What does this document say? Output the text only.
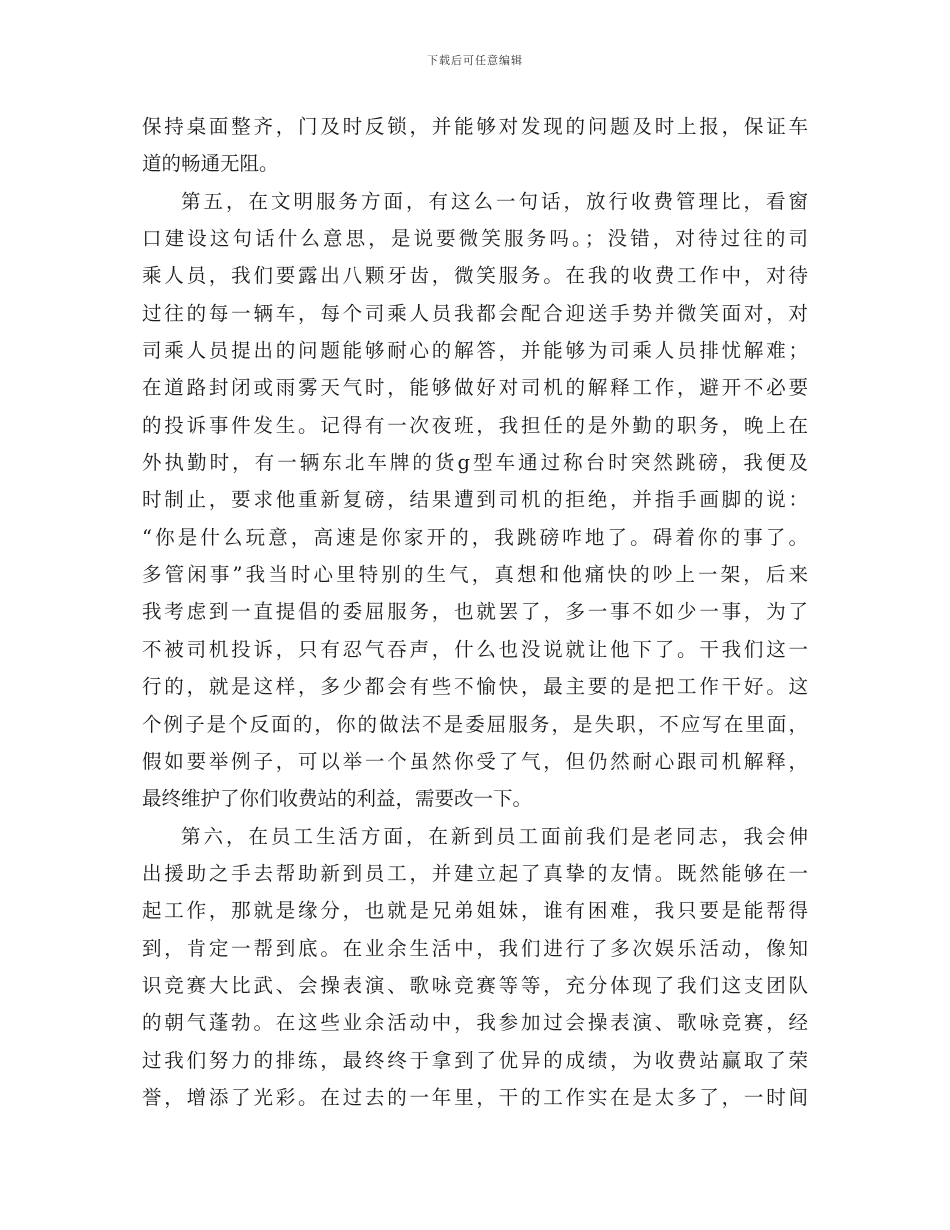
下载后可任意编辑
保持桌面整齐，门及时反锁，并能够对发现的问题及时上报，保证车
道的畅通无阻。
第五，在文明服务方面，有这么一句话，放行收费管理比，看窗
口建设这句话什么意思，是说要微笑服务吗。；没错，对待过往的司
乘人员，我们要露出八颗牙齿，微笑服务。在我的收费工作中，对待
过往的每一辆车，每个司乘人员我都会配合迎送手势并微笑面对，对
司乘人员提出的问题能够耐心的解答，并能够为司乘人员排忧解难；
在道路封闭或雨雾天气时，能够做好对司机的解释工作，避开不必要
的投诉事件发生。记得有一次夜班，我担任的是外勤的职务，晚上在
外执勤时，有一辆东北车牌的货g型车通过称台时突然跳磅，我便及
时制止，要求他重新复磅，结果遭到司机的拒绝，并指手画脚的说：
“你是什么玩意，高速是你家开的，我跳磅咋地了。碍着你的事了。
多管闲事”我当时心里特别的生气，真想和他痛快的吵上一架，后来
我考虑到一直提倡的委屈服务，也就罢了，多一事不如少一事，为了
不被司机投诉，只有忍气吞声，什么也没说就让他下了。干我们这一
行的，就是这样，多少都会有些不愉快，最主要的是把工作干好。这
个例子是个反面的，你的做法不是委屈服务，是失职，不应写在里面，
假如要举例子，可以举一个虽然你受了气，但仍然耐心跟司机解释，
最终维护了你们收费站的利益，需要改一下。
第六，在员工生活方面，在新到员工面前我们是老同志，我会伸
出援助之手去帮助新到员工，并建立起了真挚的友情。既然能够在一
起工作，那就是缘分，也就是兄弟姐妹，谁有困难，我只要是能帮得
到，肯定一帮到底。在业余生活中，我们进行了多次娱乐活动，像知
识竞赛大比武、会操表演、歌咏竞赛等等，充分体现了我们这支团队
的朝气蓬勃。在这些业余活动中，我参加过会操表演、歌咏竞赛，经
过我们努力的排练，最终终于拿到了优异的成绩，为收费站赢取了荣
誉，增添了光彩。在过去的一年里，干的工作实在是太多了，一时间
